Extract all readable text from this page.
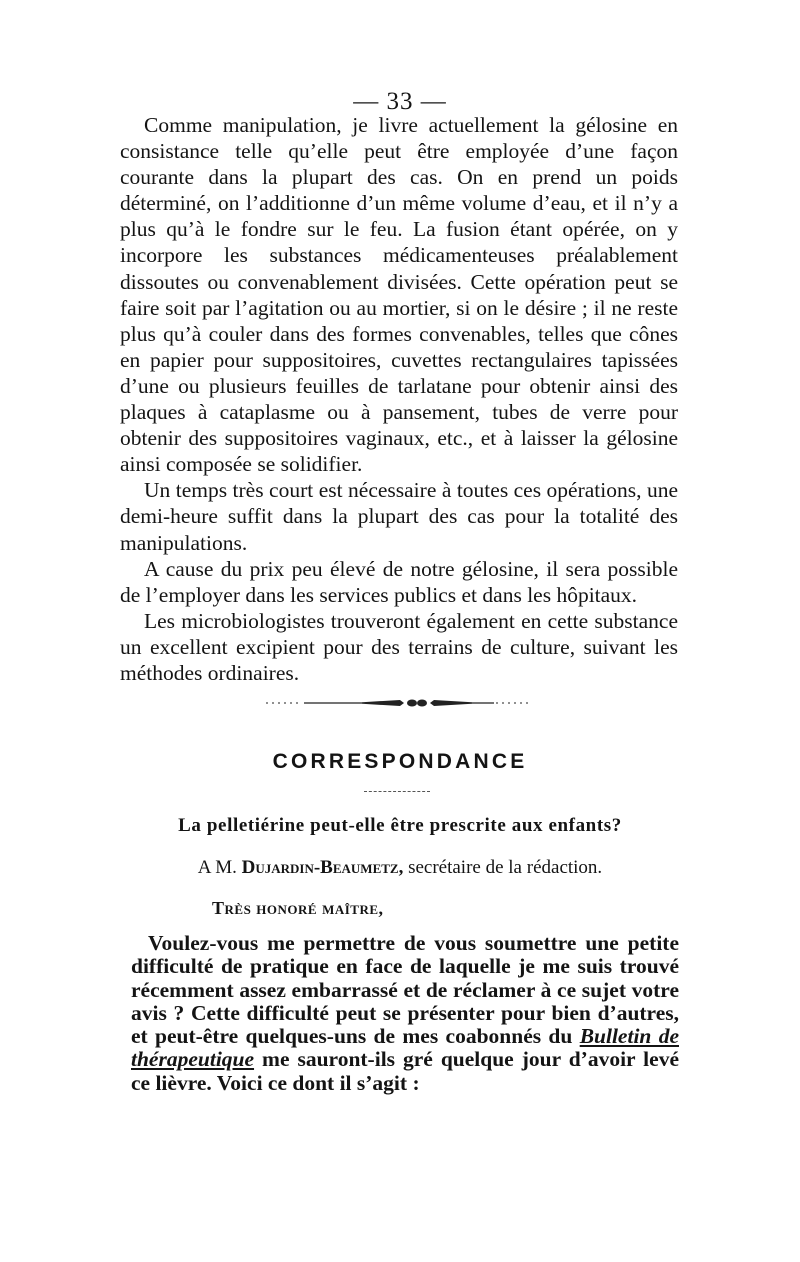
— 33 —

Comme manipulation, je livre actuellement la gélosine en consistance telle qu’elle peut être employée d’une façon courante dans la plupart des cas. On en prend un poids déterminé, on l’additionne d’un même volume d’eau, et il n’y a plus qu’à le fondre sur le feu. La fusion étant opérée, on y incorpore les substances médicamenteuses préalablement dissoutes ou convenablement divisées. Cette opération peut se faire soit par l’agitation ou au mortier, si on le désire ; il ne reste plus qu’à couler dans des formes convenables, telles que cônes en papier pour suppositoires, cuvettes rectangulaires tapissées d’une ou plusieurs feuilles de tarlatane pour obtenir ainsi des plaques à cataplasme ou à pansement, tubes de verre pour obtenir des suppositoires vaginaux, etc., et à laisser la gélosine ainsi composée se solidifier.

Un temps très court est nécessaire à toutes ces opérations, une demi-heure suffit dans la plupart des cas pour la totalité des manipulations.

A cause du prix peu élevé de notre gélosine, il sera possible de l’employer dans les services publics et dans les hôpitaux.

Les microbiologistes trouveront également en cette substance un excellent excipient pour des terrains de culture, suivant les méthodes ordinaires.

CORRESPONDANCE
La pelletiérine peut-elle être prescrite aux enfants?
A M. Dujardin-Beaumetz, secrétaire de la rédaction.
Très honoré maître,

Voulez-vous me permettre de vous soumettre une petite difficulté de pratique en face de laquelle je me suis trouvé récemment assez embarrassé et de réclamer à ce sujet votre avis ? Cette difficulté peut se présenter pour bien d’autres, et peut-être quelques-uns de mes coabonnés du Bulletin de thérapeutique me sauront-ils gré quelque jour d’avoir levé ce lièvre. Voici ce dont il s’agit :
